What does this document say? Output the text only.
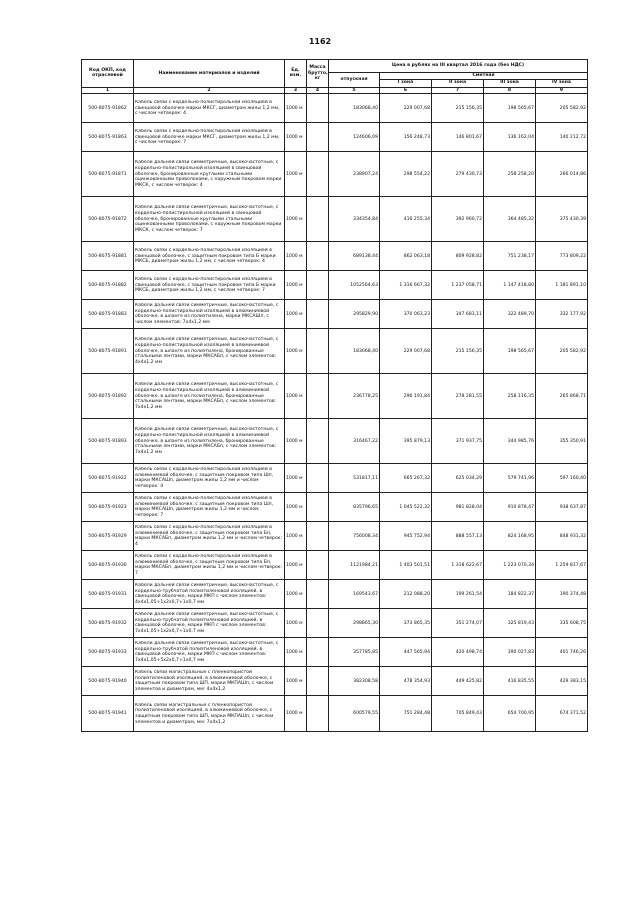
1162
Код ОКП, код отраслевой	Наименование материалов и изделий	Ед. изм.	Масса брутто, кг	Цена в рублях на III квартал 2016 года (без НДС)				
				отпускная	Сметная			
					I зона	II зона	III зона	IV зона
1	2	3	4	5	6	7	8	9
500-8075-91862	Кабель связи с кордельно-полистирольной изоляцией в свинцовой оболочке марки МКСГ, диаметром жилы 1,2 мм, с числом четверок: 4	1000 м		183068,40	229 007,68	215 156,35	198 565,67	205 582,92
500-8075-91863	Кабель связи с кордельно-полистирольной изоляцией в свинцовой оболочке марки МКСГ, диаметром жилы 1,2 мм, с числом четверок: 7	1000 м		124606,09	156 248,73	146 801,67	136 162,04	140 212,72
500-8075-91871	Кабели дальней связи симметричные, высокочастотные, с кордельно-полистирольной изоляцией в свинцовой оболочке, бронированные круглыми стальными оцинкованными проволоками, с наружным покровом марки МКСК, с числом четверок: 4	1000 м		238907,24	298 554,22	279 430,73	258 258,20	266 014,86
500-8075-91872	Кабели дальней связи симметричные, высокочастотные, с кордельно-полистирольной изоляцией в свинцовой оболочке, бронированные круглыми стальными оцинкованными проволоками, с наружным покровом марки МКСК, с числом четверок: 7	1000 м		334354,84	416 255,34	392 960,72	364 485,32	375 430,39
500-8075-91881	Кабель связи с кордельно-полистирольной изоляцией в свинцовой оболочке, с защитным покровом типа Б марки МКСБ, диаметром жилы 1,2 мм, с числом четверок: 4	1000 м		689138,44	862 063,18	809 928,82	751 238,17	773 809,22
500-8075-91882	Кабель связи с кордельно-полистирольной изоляцией в свинцовой оболочке, с защитным покровом типа Б марки МКСБ, диаметром жилы 1,2 мм, с числом четверок: 7	1000 м		1052564,63	1 316 667,32	1 237 058,71	1 147 418,80	1 181 891,10
500-8075-91883	Кабели дальней связи симметричные, высокочастотные, с кордельно-полистирольной изоляцией в алюминиевой оболочке, в шланге из полиэтилена, марки МКСАШп, с числом элементов: 7х4х1,2 мм	1000 м		295829,90	370 063,23	347 683,11	322 489,70	332 177,92
500-8075-91891	Кабели дальней связи симметричные, высокочастотные, с кордельно-полистирольной изоляцией в алюминиевой оболочке, в шланге из полиэтилена, бронированные стальными лентами, марки МКСАБп, с числом элементов: 4х4х1,2 мм	1000 м		183068,40	229 007,68	215 156,35	198 565,67	205 582,92
500-8075-91892	Кабели дальней связи симметричные, высокочастотные, с кордельно-полистирольной изоляцией в алюминиевой оболочке, в шланге из полиэтилена, бронированные стальными лентами, марки МКСАБп, с числом элементов: 7х4х1,2 мм	1000 м		236778,25	296 191,84	278 281,55	258 116,35	265 868,71
500-8075-91893	Кабели дальней связи симметричные, высокочастотные, с кордельно-полистирольной изоляцией в алюминиевой оболочке, в шланге из полиэтилена, бронированные стальными лентами, марки МКСАБп, с числом элементов: 7х4х1,2 мм	1000 м		316467,22	395 879,13	371 937,75	344 985,76	355 350,91
500-8075-91922	Кабель связи с кордельно-полистирольной изоляцией в алюминиевой оболочке, с защитным покровом типа Шп, марки МКСАШп, диаметром жилы 1,2 мм и числом четверок: 4	1000 м		531817,11	665 267,32	625 034,29	579 741,96	597 160,40
500-8075-91923	Кабель связи с кордельно-полистирольной изоляцией в алюминиевой оболочке, с защитным покровом типа Шп, марки МКСАШп, диаметром жилы 1,2 мм и числом четверок: 7	1000 м		835796,65	1 045 522,32	981 828,04	910 878,47	938 637,87
500-8075-91929	Кабель связи с кордельно-полистирольной изоляцией в алюминиевой оболочке, с защитным покровом типа Бп, марки МКСАБп, диаметром жилы 1,2 мм и числом четверок: 4	1000 м		756008,34	945 752,94	888 557,13	824 168,95	848 931,32
500-8075-91930	Кабель связи с кордельно-полистирольной изоляцией в алюминиевой оболочке, с защитным покровом типа Бп, марки МКСАБп, диаметром жилы 1,2 мм и числом четверок: 7	1000 м		1121984,21	1 403 501,51	1 318 622,67	1 223 070,34	1 259 817,67
500-8075-91931	Кабели дальней связи симметричные, высокочастотные, с кордельно-трубчатой полиэтиленовой изоляцией, в свинцовой оболочке, марки МКП с числом элементов: 4х4х1,05+1х2х0,7+1х0,7 мм	1000 м		169543,67	212 088,20	199 261,54	184 822,37	190 374,48
500-8075-91932	Кабели дальней связи симметричные, высокочастотные, с кордельно-трубчатой полиэтиленовой изоляцией, в свинцовой оболочке, марки МКП с числом элементов: 7х4х1,05+1х2х0,7+1х0,7 мм	1000 м		298865,30	373 865,35	351 274,07	325 819,43	335 608,75
500-8075-91933	Кабели дальней связи симметричные, высокочастотные, с кордельно-трубчатой полиэтиленовой изоляцией, в свинцовой оболочке, марки МКП с числом элементов: 7х4х1,05+5х2х0,7+1х0,7 мм	1000 м		357785,85	447 565,94	420 498,74	390 027,83	401 746,26
500-8075-91940	Кабель связи магистральные с пленкопористой полиэтиленовой изоляцией, в алюминиевой оболочке, с защитным покровом типа ШП, марки МКПАШп, с числом элементов и диаметром, мм: 4х4х1,2	1000 м		382308,58	478 354,93	449 425,82	416 835,55	429 383,15
500-8075-91941	Кабель связи магистральные с пленкопористой полиэтиленовой изоляцией, в алюминиевой оболочке, с защитным покровом типа ШП, марки МКПАШп, с числом элементов и диаметром, мм: 7х4х1,2	1000 м		600579,55	751 284,48	705 849,43	654 700,95	674 371,52
